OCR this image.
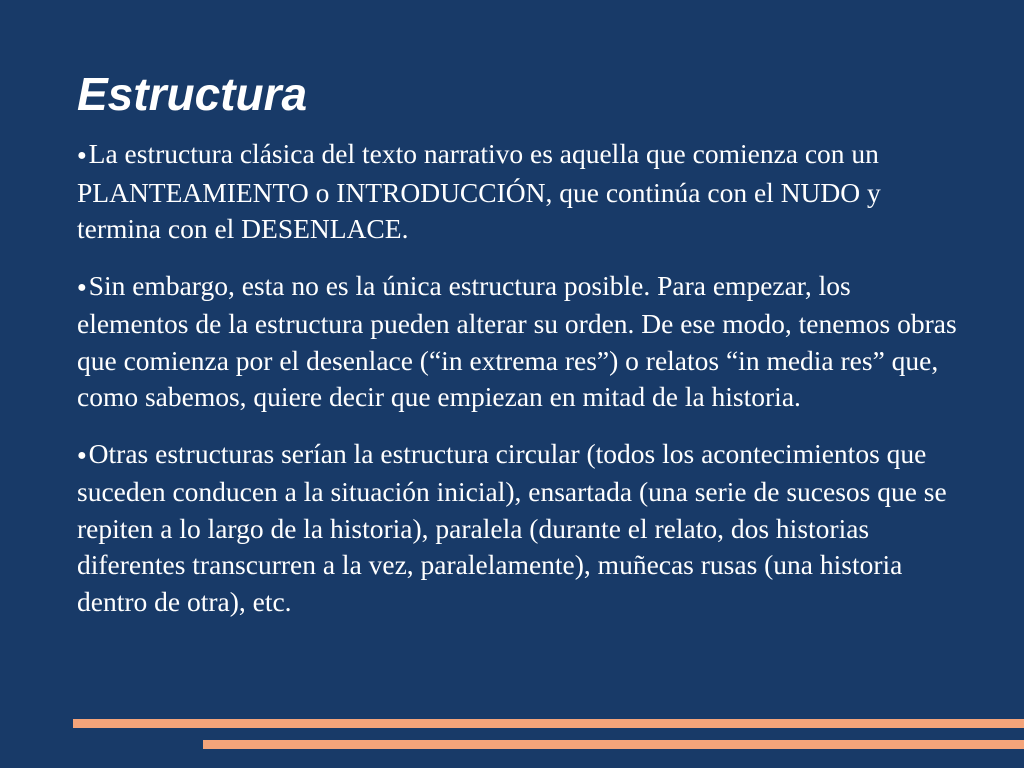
Estructura

●La estructura clásica del texto narrativo es aquella que comienza con un PLANTEAMIENTO o INTRODUCCIÓN, que continúa con el NUDO y termina con el DESENLACE.

●Sin embargo, esta no es la única estructura posible. Para empezar, los elementos de la estructura pueden alterar su orden. De ese modo, tenemos obras que comienza por el desenlace (“in extrema res”) o relatos “in media res” que, como sabemos, quiere decir que empiezan en mitad de la historia.

●Otras estructuras serían la estructura circular (todos los acontecimientos que suceden conducen a la situación inicial), ensartada (una serie de sucesos que se repiten a lo largo de la historia), paralela (durante el relato, dos historias diferentes transcurren a la vez, paralelamente), muñecas rusas (una historia dentro de otra), etc.
